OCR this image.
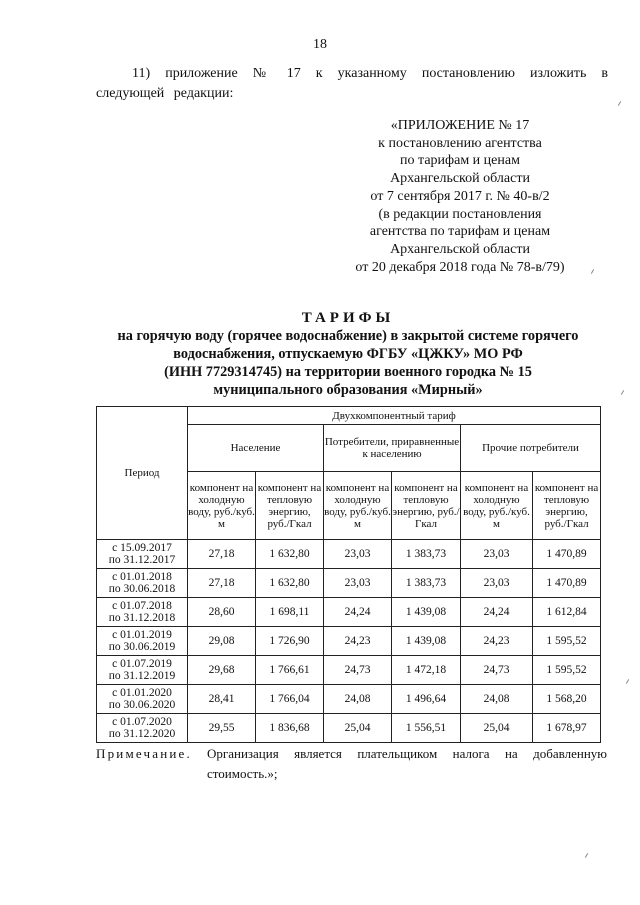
18
11) приложение № 17 к указанному постановлению изложить в следующей редакции:
«ПРИЛОЖЕНИЕ № 17
к постановлению агентства
по тарифам и ценам
Архангельской области
от 7 сентября 2017 г. № 40-в/2
(в редакции постановления
агентства по тарифам и ценам
Архангельской области
от 20 декабря 2018 года № 78-в/79)
ТАРИФЫ
на горячую воду (горячее водоснабжение) в закрытой системе горячего
водоснабжения, отпускаемую ФГБУ «ЦЖКУ» МО РФ
(ИНН 7729314745) на территории военного городка № 15
муниципального образования «Мирный»
Период	Двухкомпонентный тариф					
	Население		Потребители, приравненные к населению		Прочие потребители	
	компонент на холодную воду, руб./куб. м	компонент на тепловую энергию, руб./Гкал	компонент на холодную воду, руб./куб. м	компонент на тепловую энергию, руб./Гкал	компонент на холодную воду, руб./куб. м	компонент на тепловую энергию, руб./Гкал

с 15.09.2017
по 31.12.2017	27,18	1 632,80	23,03	1 383,73	23,03	1 470,89

с 01.01.2018
по 30.06.2018	27,18	1 632,80	23,03	1 383,73	23,03	1 470,89

с 01.07.2018
по 31.12.2018	28,60	1 698,11	24,24	1 439,08	24,24	1 612,84

с 01.01.2019
по 30.06.2019	29,08	1 726,90	24,23	1 439,08	24,23	1 595,52

с 01.07.2019
по 31.12.2019	29,68	1 766,61	24,73	1 472,18	24,73	1 595,52

с 01.01.2020
по 30.06.2020	28,41	1 766,04	24,08	1 496,64	24,08	1 568,20

с 01.07.2020
по 31.12.2020	29,55	1 836,68	25,04	1 556,51	25,04	1 678,97
Примечание. Организация является плательщиком налога на добавленную стоимость.»;
